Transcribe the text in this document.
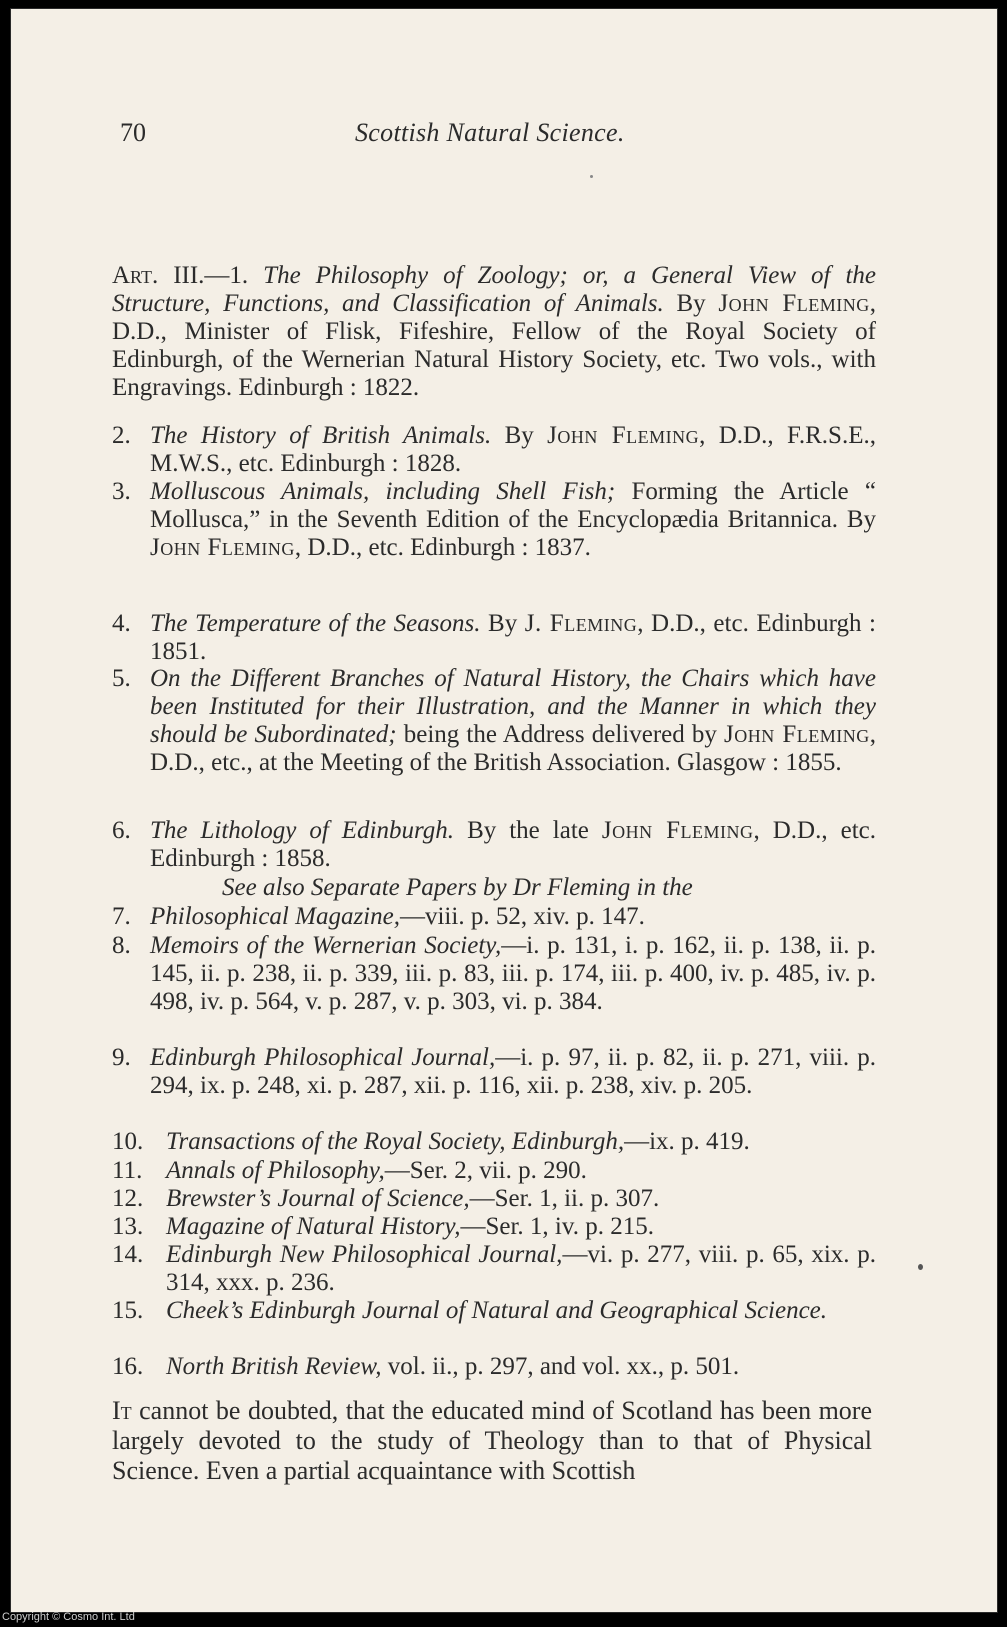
70	Scottish Natural Science.
Art. III.—1. The Philosophy of Zoology; or, a General View of the Structure, Functions, and Classification of Animals. By John Fleming, D.D., Minister of Flisk, Fifeshire, Fellow of the Royal Society of Edinburgh, of the Wernerian Natural History Society, etc. Two vols., with Engravings. Edinburgh : 1822.
2. The History of British Animals. By John Fleming, D.D., F.R.S.E., M.W.S., etc. Edinburgh : 1828.
3. Molluscous Animals, including Shell Fish; Forming the Article “ Mollusca,” in the Seventh Edition of the Encyclopædia Britannica. By John Fleming, D.D., etc. Edinburgh : 1837.
4. The Temperature of the Seasons. By J. Fleming, D.D., etc. Edinburgh : 1851.
5. On the Different Branches of Natural History, the Chairs which have been Instituted for their Illustration, and the Manner in which they should be Subordinated; being the Address delivered by John Fleming, D.D., etc., at the Meeting of the British Association. Glasgow : 1855.
6. The Lithology of Edinburgh. By the late John Fleming, D.D., etc. Edinburgh : 1858.
See also Separate Papers by Dr Fleming in the
7. Philosophical Magazine,—viii. p. 52, xiv. p. 147.
8. Memoirs of the Wernerian Society,—i. p. 131, i. p. 162, ii. p. 138, ii. p. 145, ii. p. 238, ii. p. 339, iii. p. 83, iii. p. 174, iii. p. 400, iv. p. 485, iv. p. 498, iv. p. 564, v. p. 287, v. p. 303, vi. p. 384.
9. Edinburgh Philosophical Journal,—i. p. 97, ii. p. 82, ii. p. 271, viii. p. 294, ix. p. 248, xi. p. 287, xii. p. 116, xii. p. 238, xiv. p. 205.
10. Transactions of the Royal Society, Edinburgh,—ix. p. 419.
11. Annals of Philosophy,—Ser. 2, vii. p. 290.
12. Brewster’s Journal of Science,—Ser. 1, ii. p. 307.
13. Magazine of Natural History,—Ser. 1, iv. p. 215.
14. Edinburgh New Philosophical Journal,—vi. p. 277, viii. p. 65, xix. p. 314, xxx. p. 236.
15. Cheek’s Edinburgh Journal of Natural and Geographical Science.
16. North British Review, vol. ii., p. 297, and vol. xx., p. 501.
It cannot be doubted, that the educated mind of Scotland has been more largely devoted to the study of Theology than to that of Physical Science. Even a partial acquaintance with Scottish
Copyright © Cosmo Int. Ltd
